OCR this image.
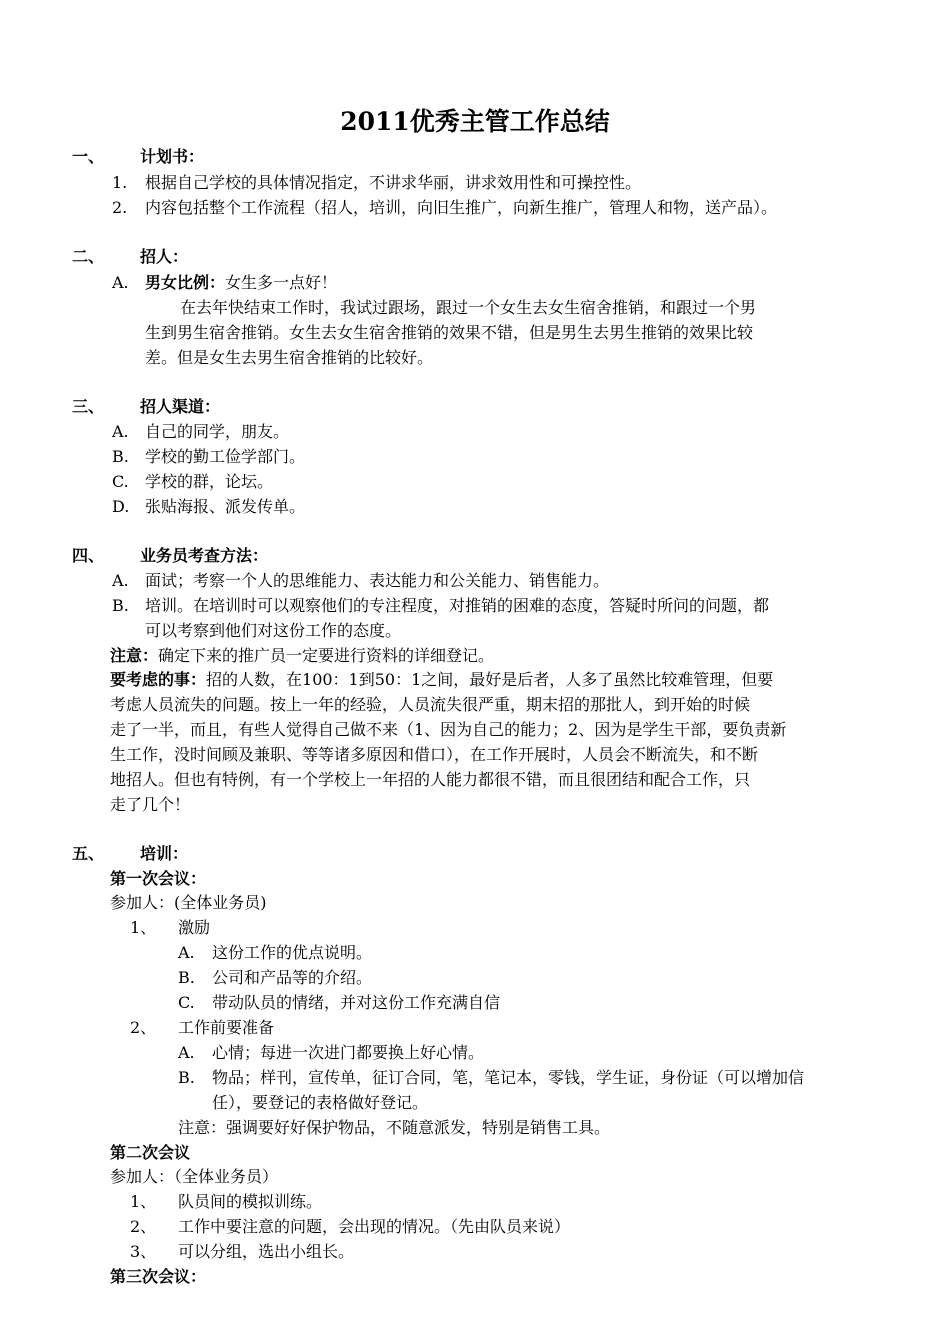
2011优秀主管工作总结
一、 计划书：
1. 根据自己学校的具体情况指定，不讲求华丽，讲求效用性和可操控性。
2. 内容包括整个工作流程（招人，培训，向旧生推广，向新生推广，管理人和物，送产品）。
二、 招人：
A. 男女比例：女生多一点好！
在去年快结束工作时，我试过跟场，跟过一个女生去女生宿舍推销，和跟过一个男
生到男生宿舍推销。女生去女生宿舍推销的效果不错，但是男生去男生推销的效果比较
差。但是女生去男生宿舍推销的比较好。
三、 招人渠道：
A. 自己的同学，朋友。
B. 学校的勤工俭学部门。
C. 学校的群，论坛。
D. 张贴海报、派发传单。
四、 业务员考查方法：
A. 面试；考察一个人的思维能力、表达能力和公关能力、销售能力。
B. 培训。在培训时可以观察他们的专注程度，对推销的困难的态度，答疑时所问的问题，都
可以考察到他们对这份工作的态度。
注意：确定下来的推广员一定要进行资料的详细登记。
要考虑的事：招的人数，在100：1到50：1之间，最好是后者，人多了虽然比较难管理，但要
考虑人员流失的问题。按上一年的经验，人员流失很严重，期末招的那批人，到开始的时候
走了一半，而且，有些人觉得自己做不来（1、因为自己的能力；2、因为是学生干部，要负责新
生工作，没时间顾及兼职、等等诸多原因和借口），在工作开展时，人员会不断流失，和不断
地招人。但也有特例，有一个学校上一年招的人能力都很不错，而且很团结和配合工作，只
走了几个！
五、 培训：
第一次会议：
参加人：(全体业务员)
1、 激励
A. 这份工作的优点说明。
B. 公司和产品等的介绍。
C. 带动队员的情绪，并对这份工作充满自信
2、 工作前要准备
A. 心情；每进一次进门都要换上好心情。
B. 物品；样刊，宣传单，征订合同，笔，笔记本，零钱，学生证，身份证（可以增加信
任），要登记的表格做好登记。
注意：强调要好好保护物品，不随意派发，特别是销售工具。
第二次会议
参加人：（全体业务员）
1、 队员间的模拟训练。
2、 工作中要注意的问题，会出现的情况。（先由队员来说）
3、 可以分组，选出小组长。
第三次会议：
